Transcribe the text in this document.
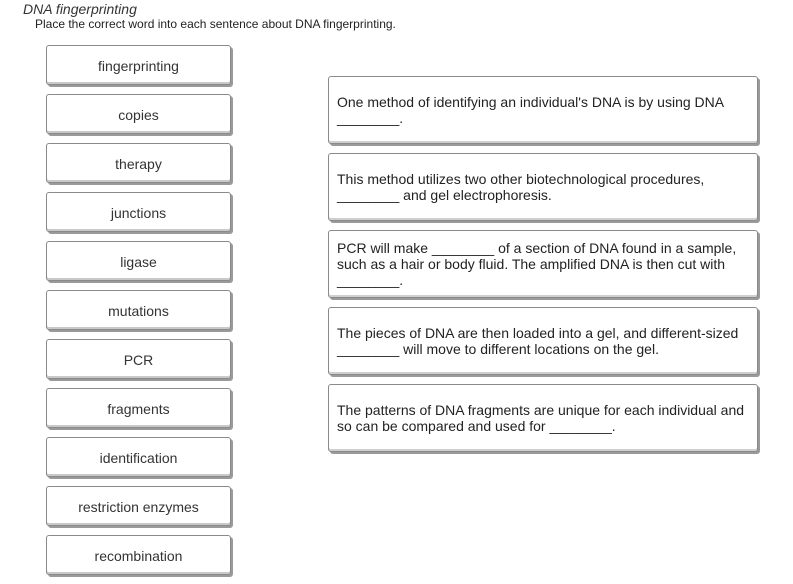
DNA fingerprinting
Place the correct word into each sentence about DNA fingerprinting.
fingerprinting
copies
therapy
junctions
ligase
mutations
PCR
fragments
identification
restriction enzymes
recombination
One method of identifying an individual's DNA is by using DNA ________.
This method utilizes two other biotechnological procedures, ________ and gel electrophoresis.
PCR will make ________ of a section of DNA found in a sample, such as a hair or body fluid. The amplified DNA is then cut with ________.
The pieces of DNA are then loaded into a gel, and different-sized ________ will move to different locations on the gel.
The patterns of DNA fragments are unique for each individual and so can be compared and used for ________.
